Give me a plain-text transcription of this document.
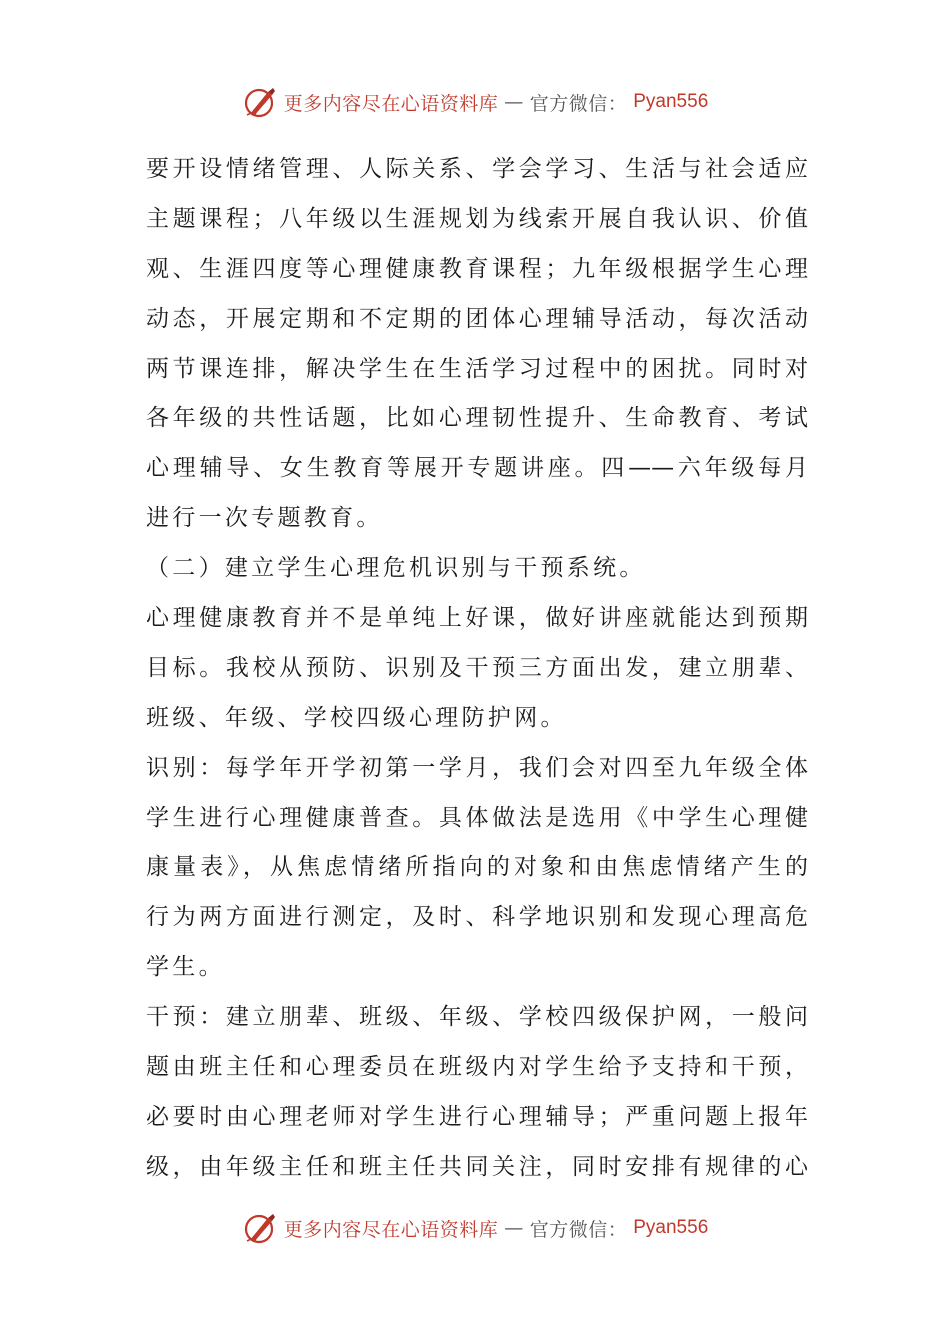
更多内容尽在心语资料库 — 官方微信： Pyan556
要开设情绪管理、人际关系、学会学习、生活与社会适应
主题课程；八年级以生涯规划为线索开展自我认识、价值
观、生涯四度等心理健康教育课程；九年级根据学生心理
动态，开展定期和不定期的团体心理辅导活动，每次活动
两节课连排，解决学生在生活学习过程中的困扰。同时对
各年级的共性话题，比如心理韧性提升、生命教育、考试
心理辅导、女生教育等展开专题讲座。四——六年级每月
进行一次专题教育。
（二）建立学生心理危机识别与干预系统。
心理健康教育并不是单纯上好课，做好讲座就能达到预期
目标。我校从预防、识别及干预三方面出发，建立朋辈、
班级、年级、学校四级心理防护网。
识别：每学年开学初第一学月，我们会对四至九年级全体
学生进行心理健康普查。具体做法是选用《中学生心理健
康量表》，从焦虑情绪所指向的对象和由焦虑情绪产生的
行为两方面进行测定，及时、科学地识别和发现心理高危
学生。
干预：建立朋辈、班级、年级、学校四级保护网，一般问
题由班主任和心理委员在班级内对学生给予支持和干预，
必要时由心理老师对学生进行心理辅导；严重问题上报年
级，由年级主任和班主任共同关注，同时安排有规律的心
更多内容尽在心语资料库 — 官方微信： Pyan556
